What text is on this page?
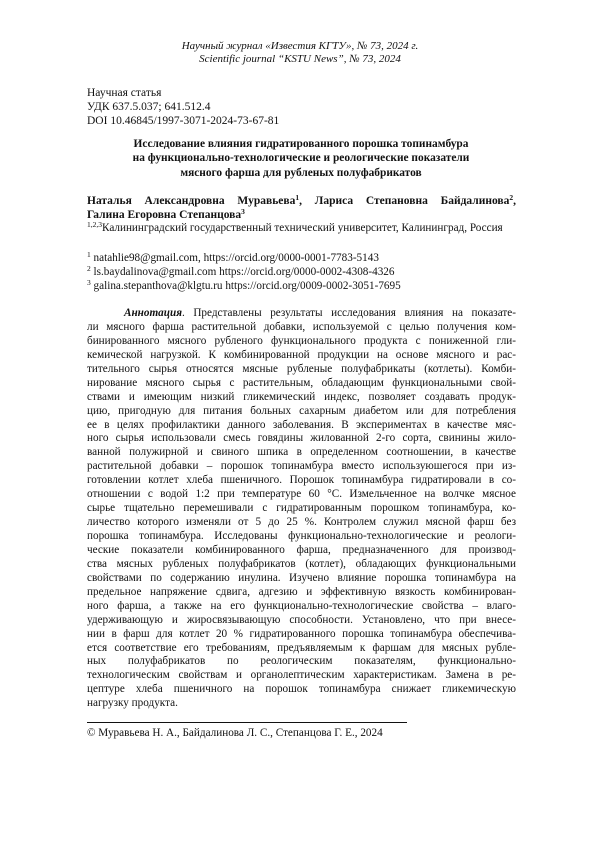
Научный журнал «Известия КГТУ», № 73, 2024 г.
Scientific journal “KSTU News”, № 73, 2024
Научная статья
УДК 637.5.037; 641.512.4
DOI 10.46845/1997-3071-2024-73-67-81
Исследование влияния гидратированного порошка топинамбура
на функционально-технологические и реологические показатели
мясного фарша для рубленых полуфабрикатов
Наталья Александровна Муравьева$^1$, Лариса Степановна Байдалинова$^2$,
Галина Егоровна Степанцова$^3$
$^{1,2,3}$Калининградский государственный технический университет, Калининград, Россия
$^1$ natahlie98@gmail.com, https://orcid.org/0000-0001-7783-5143
$^2$ ls.baydalinova@gmail.com https://orcid.org/0000-0002-4308-4326
$^3$ galina.stepanthova@klgtu.ru https://orcid.org/0009-0002-3051-7695
Аннотация. Представлены результаты исследования влияния на показате-
ли мясного фарша растительной добавки, используемой с целью получения ком-
бинированного мясного рубленого функционального продукта с пониженной гли-
кемической нагрузкой. К комбинированной продукции на основе мясного и рас-
тительного сырья относятся мясные рубленые полуфабрикаты (котлеты). Комби-
нирование мясного сырья с растительным, обладающим функциональными свой-
ствами и имеющим низкий гликемический индекс, позволяет создавать продук-
цию, пригодную для питания больных сахарным диабетом или для потребления
ее в целях профилактики данного заболевания. В экспериментах в качестве мяс-
ного сырья использовали смесь говядины жилованной 2-го сорта, свинины жило-
ванной полужирной и свиного шпика в определенном соотношении, в качестве
растительной добавки – порошок топинамбура вместо используюшегося при из-
готовлении котлет хлеба пшеничного. Порошок топинамбура гидратировали в со-
отношении с водой 1:2 при температуре 60 °С. Измельченное на волчке мясное
сырье тщательно перемешивали с гидратированным порошком топинамбура, ко-
личество которого изменяли от 5 до 25 %. Контролем служил мясной фарш без
порошка топинамбура. Исследованы функционально-технологические и реологи-
ческие показатели комбинированного фарша, предназначенного для производ-
ства мясных рубленых полуфабрикатов (котлет), обладающих функциональными
свойствами по содержанию инулина. Изучено влияние порошка топинамбура на
предельное напряжение сдвига, адгезию и эффективную вязкость комбинирован-
ного фарша, а также на его функционально-технологические свойства – влаго-
удерживающую и жиросвязывающую способности. Установлено, что при внесе-
нии в фарш для котлет 20 % гидратированного порошка топинамбура обеспечива-
ется соответствие его требованиям, предъявляемым к фаршам для мясных рубле-
ных полуфабрикатов по реологическим показателям, функционально-
технологическим свойствам и органолептическим характеристикам. Замена в ре-
цептуре хлеба пшеничного на порошок топинамбура снижает гликемическую
нагрузку продукта.
© Муравьева Н. А., Байдалинова Л. С., Степанцова Г. Е., 2024
